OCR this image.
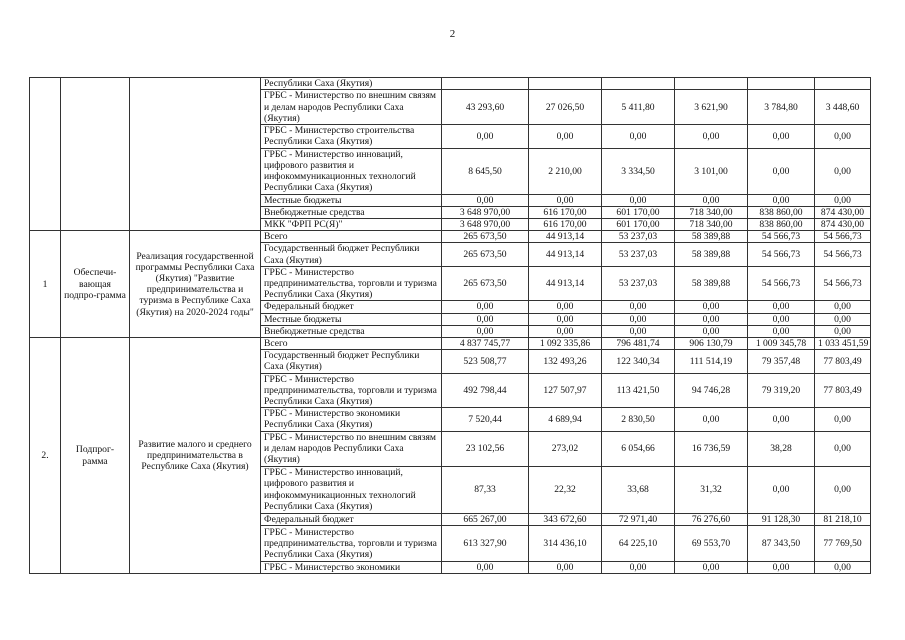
2
			Республики Саха (Якутия)						
			ГРБС - Министерство по внешним связям и делам народов Республики Саха (Якутия)	43 293,60	27 026,50	5 411,80	3 621,90	3 784,80	3 448,60
			ГРБС - Министерство строительства Республики Саха (Якутия)	0,00	0,00	0,00	0,00	0,00	0,00
			ГРБС - Министерство инноваций, цифрового развития и инфокоммуникационных технологий Республики Саха (Якутия)	8 645,50	2 210,00	3 334,50	3 101,00	0,00	0,00
			Местные бюджеты	0,00	0,00	0,00	0,00	0,00	0,00
			Внебюджетные средства	3 648 970,00	616 170,00	601 170,00	718 340,00	838 860,00	874 430,00
			МКК "ФРП РС(Я)"	3 648 970,00	616 170,00	601 170,00	718 340,00	838 860,00	874 430,00
1	Обеспечи-вающая подпро-грамма	Реализация государственной программы Республики Саха (Якутия) "Развитие предпринимательства и туризма в Республике Саха (Якутия) на 2020-2024 годы"	Всего	265 673,50	44 913,14	53 237,03	58 389,88	54 566,73	54 566,73
			Государственный бюджет Республики Саха (Якутия)	265 673,50	44 913,14	53 237,03	58 389,88	54 566,73	54 566,73
			ГРБС - Министерство предпринимательства, торговли и туризма Республики Саха (Якутия)	265 673,50	44 913,14	53 237,03	58 389,88	54 566,73	54 566,73
			Федеральный бюджет	0,00	0,00	0,00	0,00	0,00	0,00
			Местные бюджеты	0,00	0,00	0,00	0,00	0,00	0,00
			Внебюджетные средства	0,00	0,00	0,00	0,00	0,00	0,00
2.	Подпрог-рамма	Развитие малого и среднего предпринимательства в Республике Саха (Якутия)	Всего	4 837 745,77	1 092 335,86	796 481,74	906 130,79	1 009 345,78	1 033 451,59
			Государственный бюджет Республики Саха (Якутия)	523 508,77	132 493,26	122 340,34	111 514,19	79 357,48	77 803,49
			ГРБС - Министерство предпринимательства, торговли и туризма Республики Саха (Якутия)	492 798,44	127 507,97	113 421,50	94 746,28	79 319,20	77 803,49
			ГРБС - Министерство экономики Республики Саха (Якутия)	7 520,44	4 689,94	2 830,50	0,00	0,00	0,00
			ГРБС - Министерство по внешним связям и делам народов Республики Саха (Якутия)	23 102,56	273,02	6 054,66	16 736,59	38,28	0,00
			ГРБС - Министерство инноваций, цифрового развития и инфокоммуникационных технологий Республики Саха (Якутия)	87,33	22,32	33,68	31,32	0,00	0,00
			Федеральный бюджет	665 267,00	343 672,60	72 971,40	76 276,60	91 128,30	81 218,10
			ГРБС - Министерство предпринимательства, торговли и туризма Республики Саха (Якутия)	613 327,90	314 436,10	64 225,10	69 553,70	87 343,50	77 769,50
			ГРБС - Министерство экономики	0,00	0,00	0,00	0,00	0,00	0,00
